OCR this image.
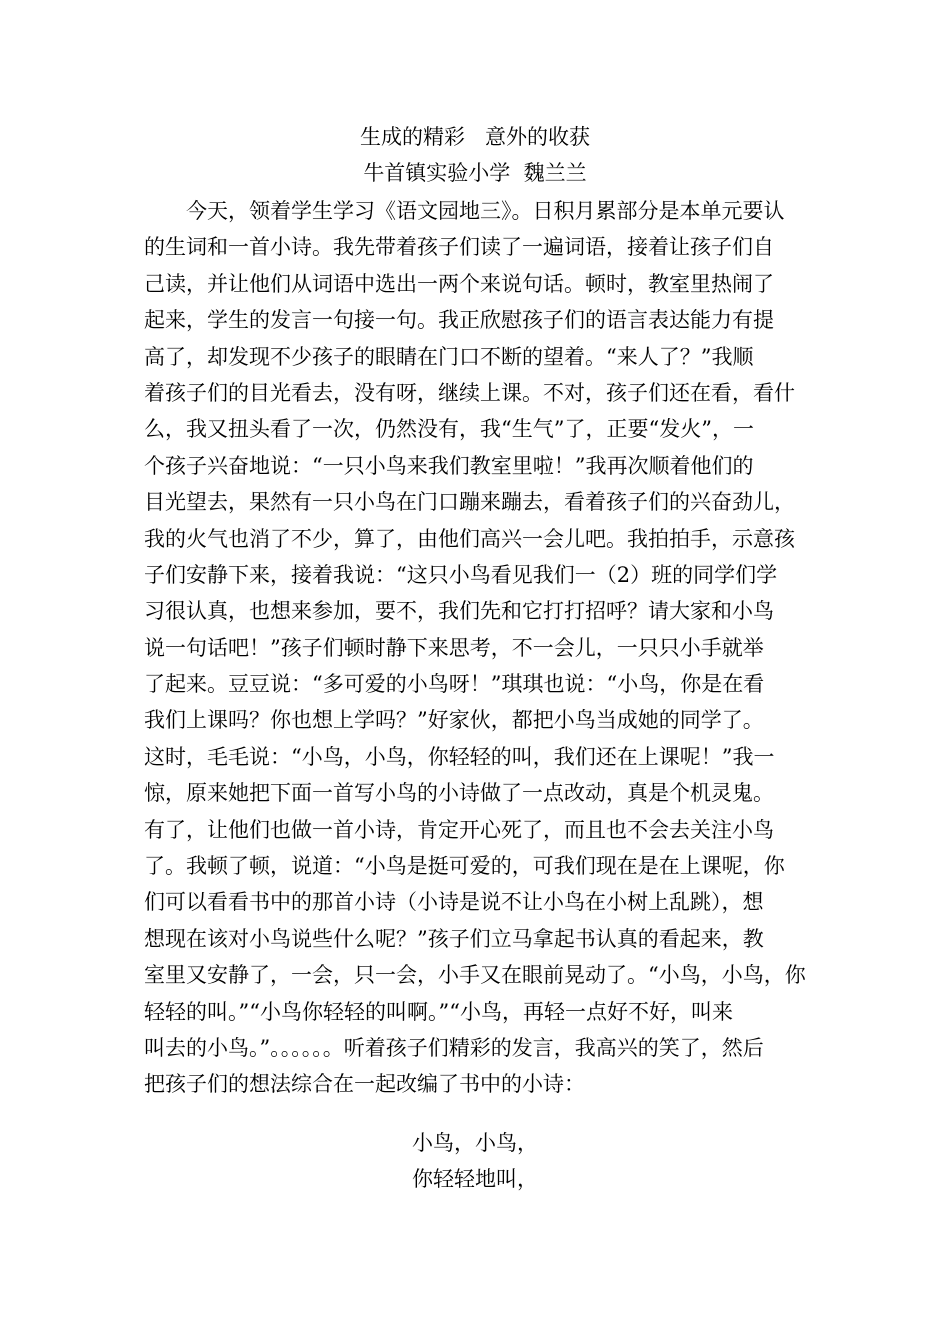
生成的精彩   意外的收获
牛首镇实验小学  魏兰兰
今天，领着学生学习《语文园地三》。日积月累部分是本单元要认
的生词和一首小诗。我先带着孩子们读了一遍词语，接着让孩子们自
己读，并让他们从词语中选出一两个来说句话。顿时，教室里热闹了
起来，学生的发言一句接一句。我正欣慰孩子们的语言表达能力有提
高了，却发现不少孩子的眼睛在门口不断的望着。“来人了？”我顺
着孩子们的目光看去，没有呀，继续上课。不对，孩子们还在看，看什
么，我又扭头看了一次，仍然没有，我“生气”了，正要“发火”，一
个孩子兴奋地说：“一只小鸟来我们教室里啦！”我再次顺着他们的
目光望去，果然有一只小鸟在门口蹦来蹦去，看着孩子们的兴奋劲儿，
我的火气也消了不少，算了，由他们高兴一会儿吧。我拍拍手，示意孩
子们安静下来，接着我说：“这只小鸟看见我们一（2）班的同学们学
习很认真，也想来参加，要不，我们先和它打打招呼？请大家和小鸟
说一句话吧！”孩子们顿时静下来思考，不一会儿，一只只小手就举
了起来。豆豆说：“多可爱的小鸟呀！”琪琪也说：“小鸟，你是在看
我们上课吗？你也想上学吗？”好家伙，都把小鸟当成她的同学了。
这时，毛毛说：“小鸟，小鸟，你轻轻的叫，我们还在上课呢！”我一
惊，原来她把下面一首写小鸟的小诗做了一点改动，真是个机灵鬼。
有了，让他们也做一首小诗，肯定开心死了，而且也不会去关注小鸟
了。我顿了顿，说道：“小鸟是挺可爱的，可我们现在是在上课呢，你
们可以看看书中的那首小诗（小诗是说不让小鸟在小树上乱跳），想
想现在该对小鸟说些什么呢？”孩子们立马拿起书认真的看起来，教
室里又安静了，一会，只一会，小手又在眼前晃动了。“小鸟，小鸟，你
轻轻的叫。”“小鸟你轻轻的叫啊。”“小鸟，再轻一点好不好，叫来
叫去的小鸟。”。。。。。。听着孩子们精彩的发言，我高兴的笑了，然后
把孩子们的想法综合在一起改编了书中的小诗：
小鸟，小鸟，
你轻轻地叫，
